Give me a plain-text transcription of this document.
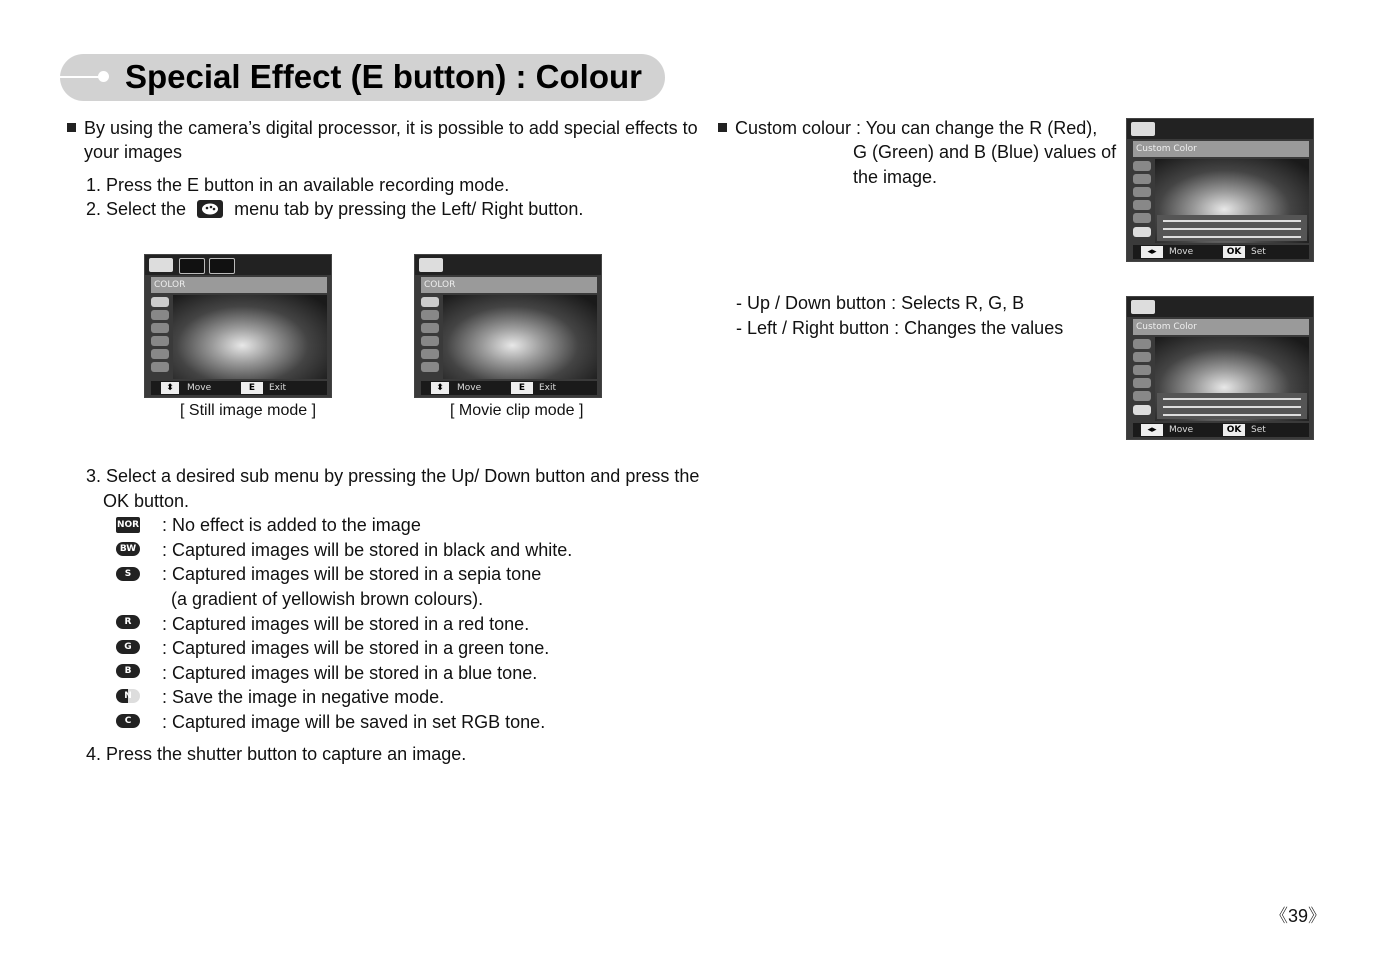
Special Effect (E button) : Colour
By using the camera’s digital processor, it is possible to add special effects to
your images
1. Press the E button in an available recording mode.
2. Select the	menu tab by pressing the Left/ Right button.
COLOR
⬍	Move	E	Exit
[ Still image mode ]
COLOR
⬍	Move	E	Exit
[ Movie clip mode ]
3. Select a desired sub menu by pressing the Up/ Down button and press the
OK button.
NOR : No effect is added to the image
BW : Captured images will be stored in black and white.
S	: Captured images will be stored in a sepia tone
(a gradient of yellowish brown colours).
R	: Captured images will be stored in a red tone.
G	: Captured images will be stored in a green tone.
B	: Captured images will be stored in a blue tone.
N	: Save the image in negative mode.
C	: Captured image will be saved in set RGB tone.
4. Press the shutter button to capture an image.
Custom colour : You can change the R (Red),
G (Green) and B (Blue) values of
the image.
- Up / Down button : Selects R, G, B
- Left / Right button : Changes the values
Custom Color
◂▸	Move	OK	Set
Custom Color
◂▸	Move	OK	Set
《39》
